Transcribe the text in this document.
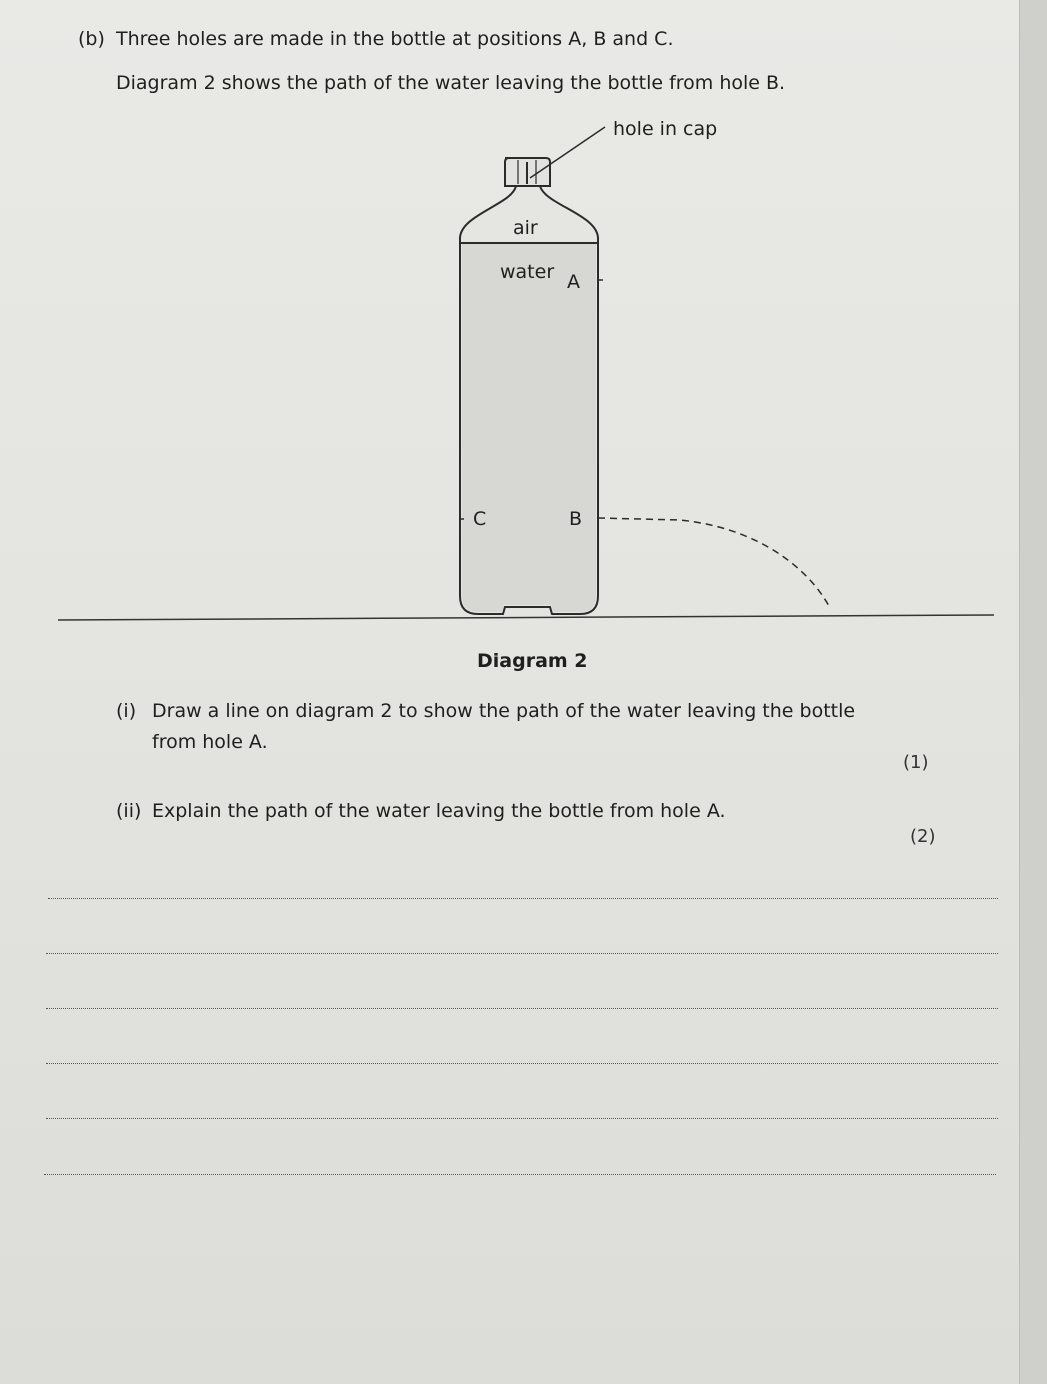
(b) Three holes are made in the bottle at positions A, B and C.
Diagram 2 shows the path of the water leaving the bottle from hole B.
hole in cap
air
water A
B
C
Diagram 2
(i) Draw a line on diagram 2 to show the path of the water leaving the bottle
from hole A.
(1)
(ii) Explain the path of the water leaving the bottle from hole A.
(2)
